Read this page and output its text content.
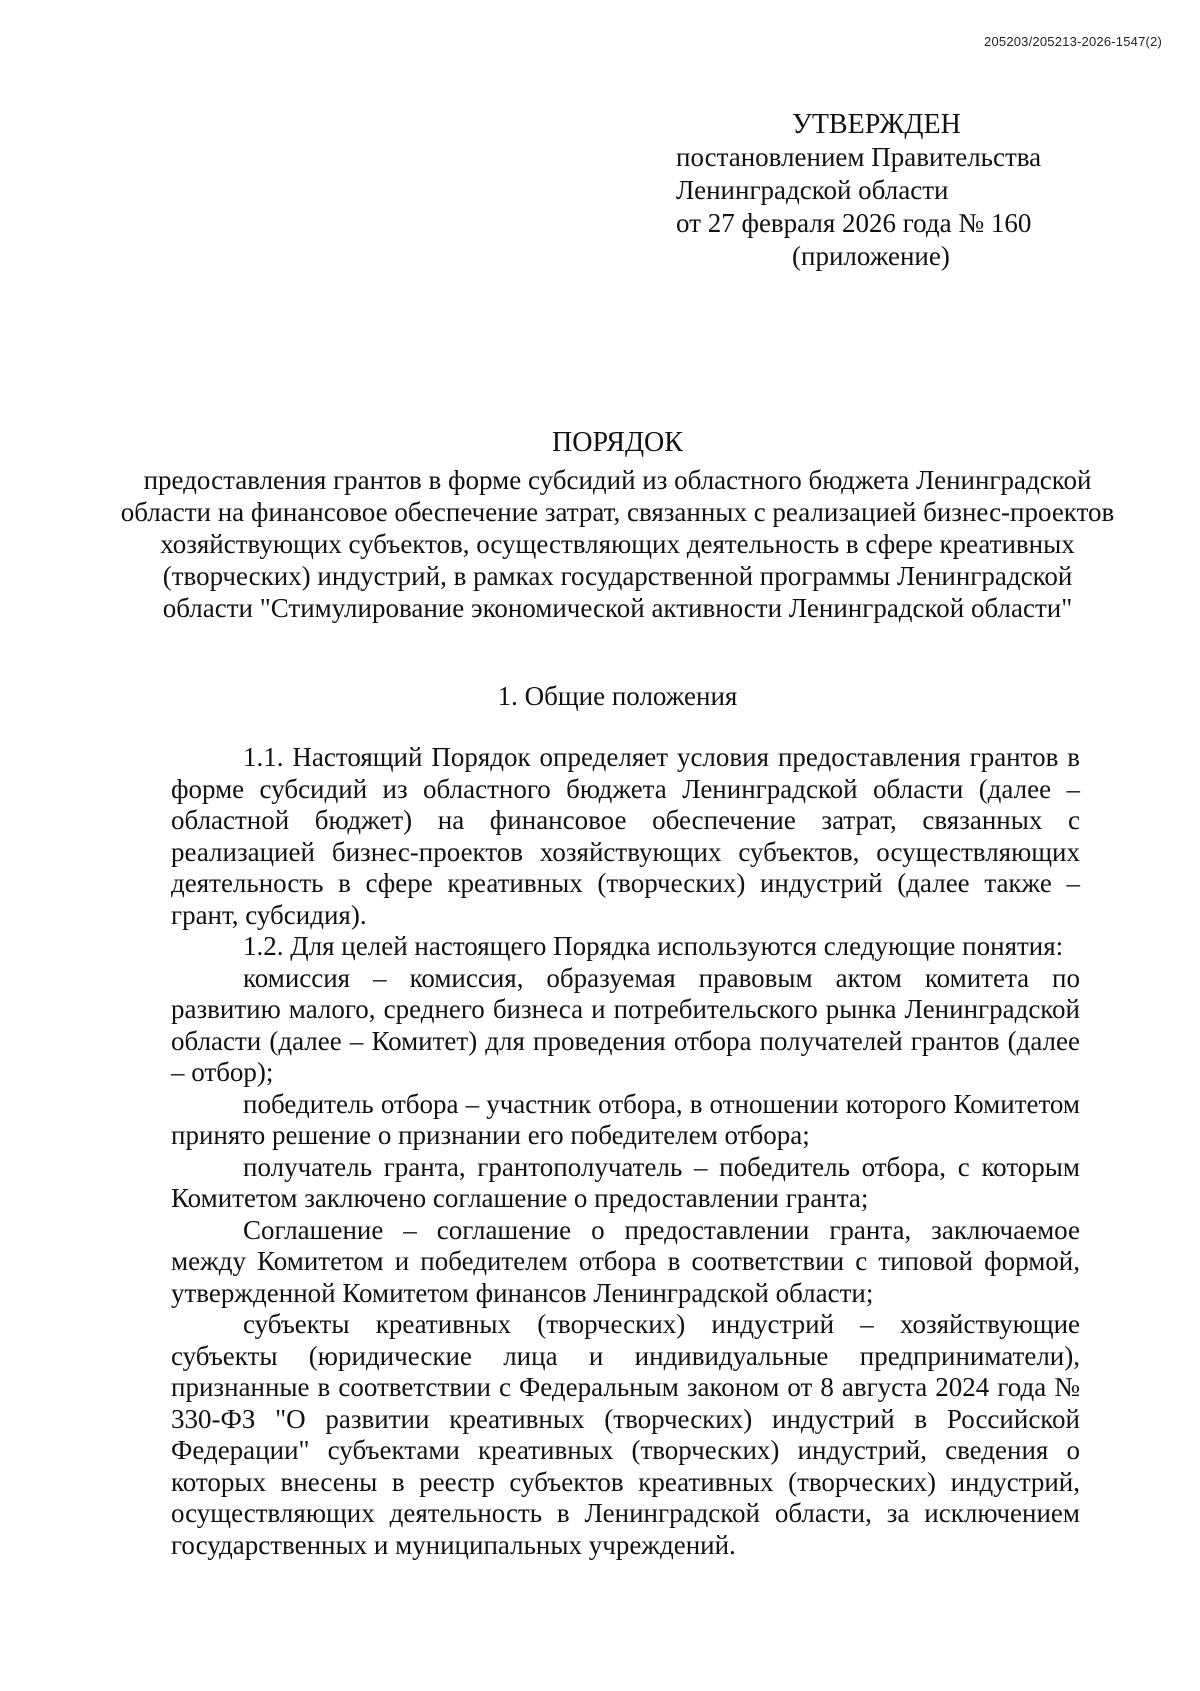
205203/205213-2026-1547(2)
УТВЕРЖДЕН
постановлением Правительства
Ленинградской области
от 27 февраля 2026 года № 160
(приложение)
ПОРЯДОК
предоставления грантов в форме субсидий из областного бюджета Ленинградской области на финансовое обеспечение затрат, связанных с реализацией бизнес-проектов хозяйствующих субъектов, осуществляющих деятельность в сфере креативных (творческих) индустрий, в рамках государственной программы Ленинградской области "Стимулирование экономической активности Ленинградской области"
1. Общие положения

1.1. Настоящий Порядок определяет условия предоставления грантов в форме субсидий из областного бюджета Ленинградской области (далее – областной бюджет) на финансовое обеспечение затрат, связанных с реализацией бизнес-проектов хозяйствующих субъектов, осуществляющих деятельность в сфере креативных (творческих) индустрий (далее также – грант, субсидия).

1.2. Для целей настоящего Порядка используются следующие понятия:

комиссия – комиссия, образуемая правовым актом комитета по развитию малого, среднего бизнеса и потребительского рынка Ленинградской области (далее – Комитет) для проведения отбора получателей грантов (далее – отбор);

победитель отбора – участник отбора, в отношении которого Комитетом принято решение о признании его победителем отбора;

получатель гранта, грантополучатель – победитель отбора, с которым Комитетом заключено соглашение о предоставлении гранта;

Соглашение – соглашение о предоставлении гранта, заключаемое между Комитетом и победителем отбора в соответствии с типовой формой, утвержденной Комитетом финансов Ленинградской области;

субъекты креативных (творческих) индустрий – хозяйствующие субъекты (юридические лица и индивидуальные предприниматели), признанные в соответствии с Федеральным законом от 8 августа 2024 года № 330-ФЗ "О развитии креативных (творческих) индустрий в Российской Федерации" субъектами креативных (творческих) индустрий, сведения о которых внесены в реестр субъектов креативных (творческих) индустрий, осуществляющих деятельность в Ленинградской области, за исключением государственных и муниципальных учреждений.
